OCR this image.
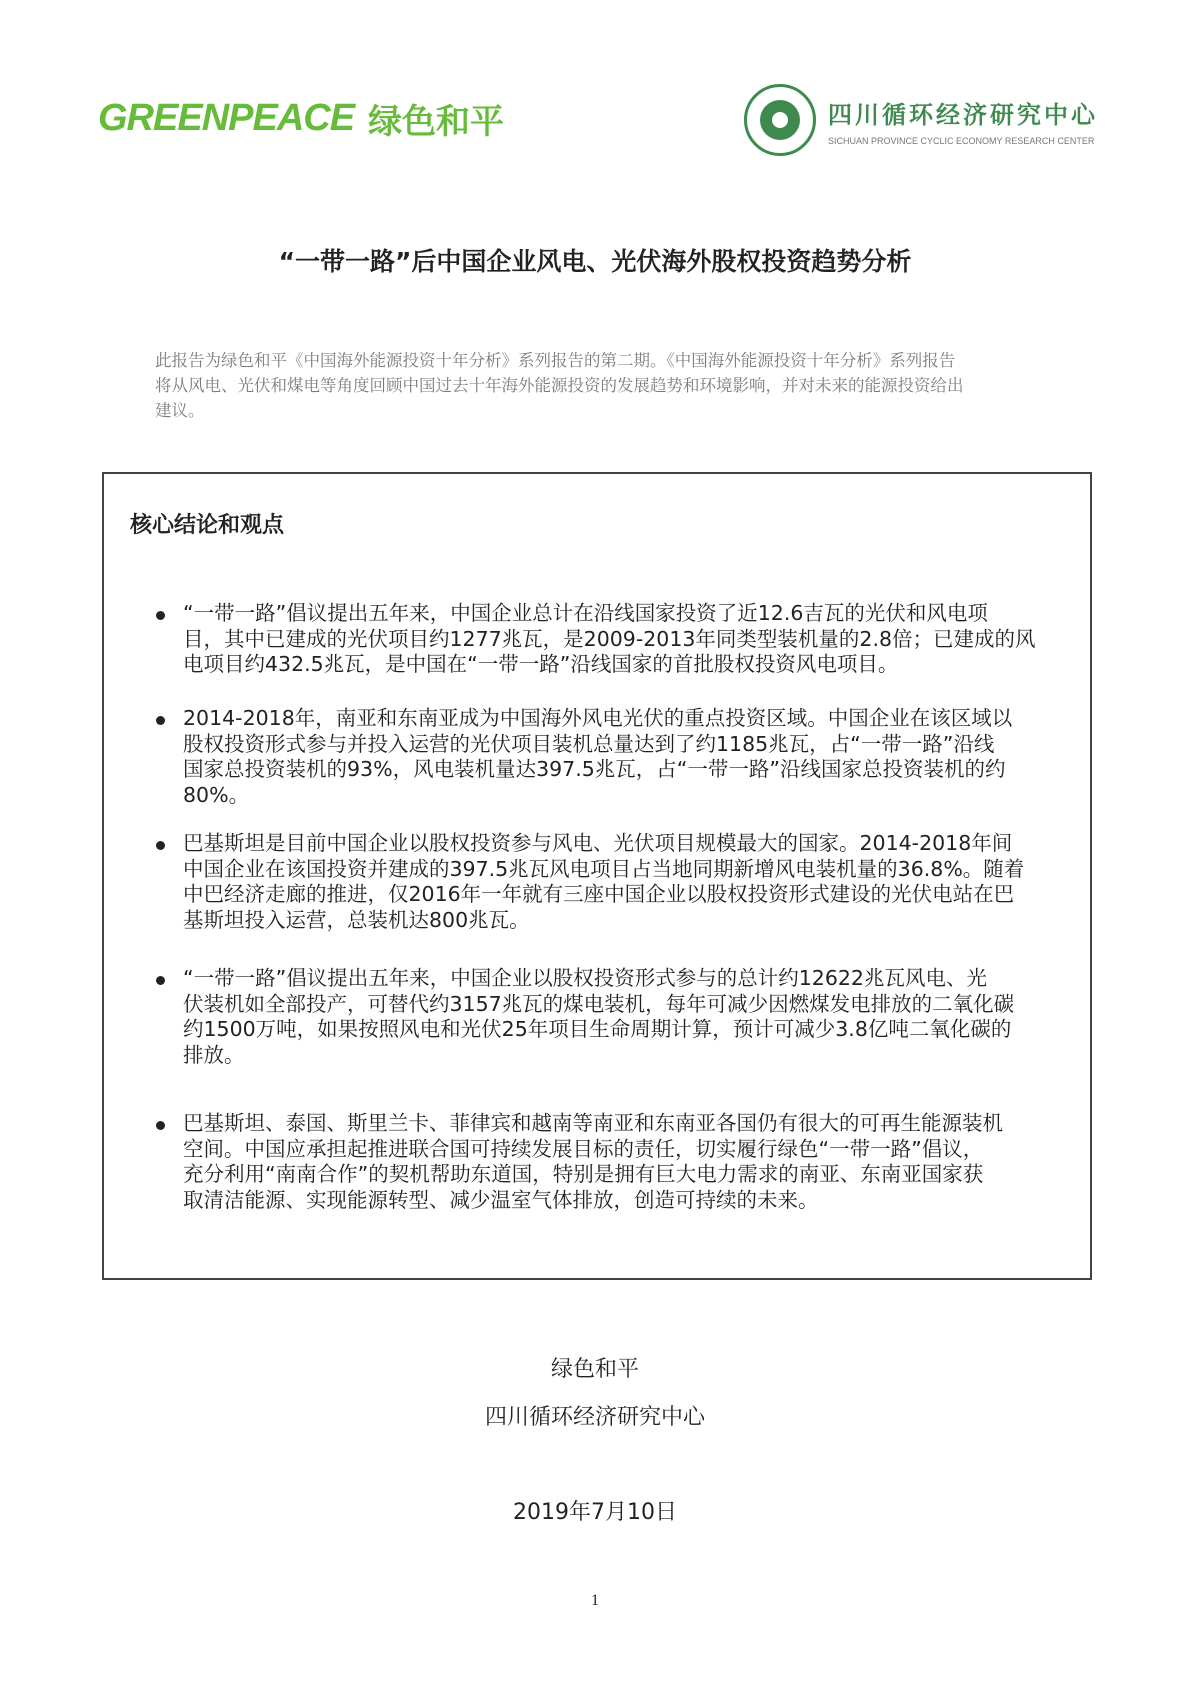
GREENPEACE 绿色和平	四川循环经济研究中心
SICHUAN PROVINCE CYCLIC ECONOMY RESEARCH CENTER
“一带一路”后中国企业风电、光伏海外股权投资趋势分析
此报告为绿色和平《中国海外能源投资十年分析》系列报告的第二期。《中国海外能源投资十年分析》系列报告
将从风电、光伏和煤电等角度回顾中国过去十年海外能源投资的发展趋势和环境影响，并对未来的能源投资给出
建议。
核心结论和观点
“一带一路”倡议提出五年来，中国企业总计在沿线国家投资了近12.6吉瓦的光伏和风电项
目，其中已建成的光伏项目约1277兆瓦，是2009-2013年同类型装机量的2.8倍；已建成的风
电项目约432.5兆瓦，是中国在“一带一路”沿线国家的首批股权投资风电项目。
2014-2018年，南亚和东南亚成为中国海外风电光伏的重点投资区域。中国企业在该区域以
股权投资形式参与并投入运营的光伏项目装机总量达到了约1185兆瓦，占“一带一路”沿线
国家总投资装机的93%，风电装机量达397.5兆瓦，占“一带一路”沿线国家总投资装机的约
80%。
巴基斯坦是目前中国企业以股权投资参与风电、光伏项目规模最大的国家。2014-2018年间
中国企业在该国投资并建成的397.5兆瓦风电项目占当地同期新增风电装机量的36.8%。随着
中巴经济走廊的推进，仅2016年一年就有三座中国企业以股权投资形式建设的光伏电站在巴
基斯坦投入运营，总装机达800兆瓦。
“一带一路”倡议提出五年来，中国企业以股权投资形式参与的总计约12622兆瓦风电、光
伏装机如全部投产，可替代约3157兆瓦的煤电装机，每年可减少因燃煤发电排放的二氧化碳
约1500万吨，如果按照风电和光伏25年项目生命周期计算，预计可减少3.8亿吨二氧化碳的
排放。
巴基斯坦、泰国、斯里兰卡、菲律宾和越南等南亚和东南亚各国仍有很大的可再生能源装机
空间。中国应承担起推进联合国可持续发展目标的责任，切实履行绿色“一带一路”倡议，
充分利用“南南合作”的契机帮助东道国，特别是拥有巨大电力需求的南亚、东南亚国家获
取清洁能源、实现能源转型、减少温室气体排放，创造可持续的未来。
绿色和平
四川循环经济研究中心
2019年7月10日
1
